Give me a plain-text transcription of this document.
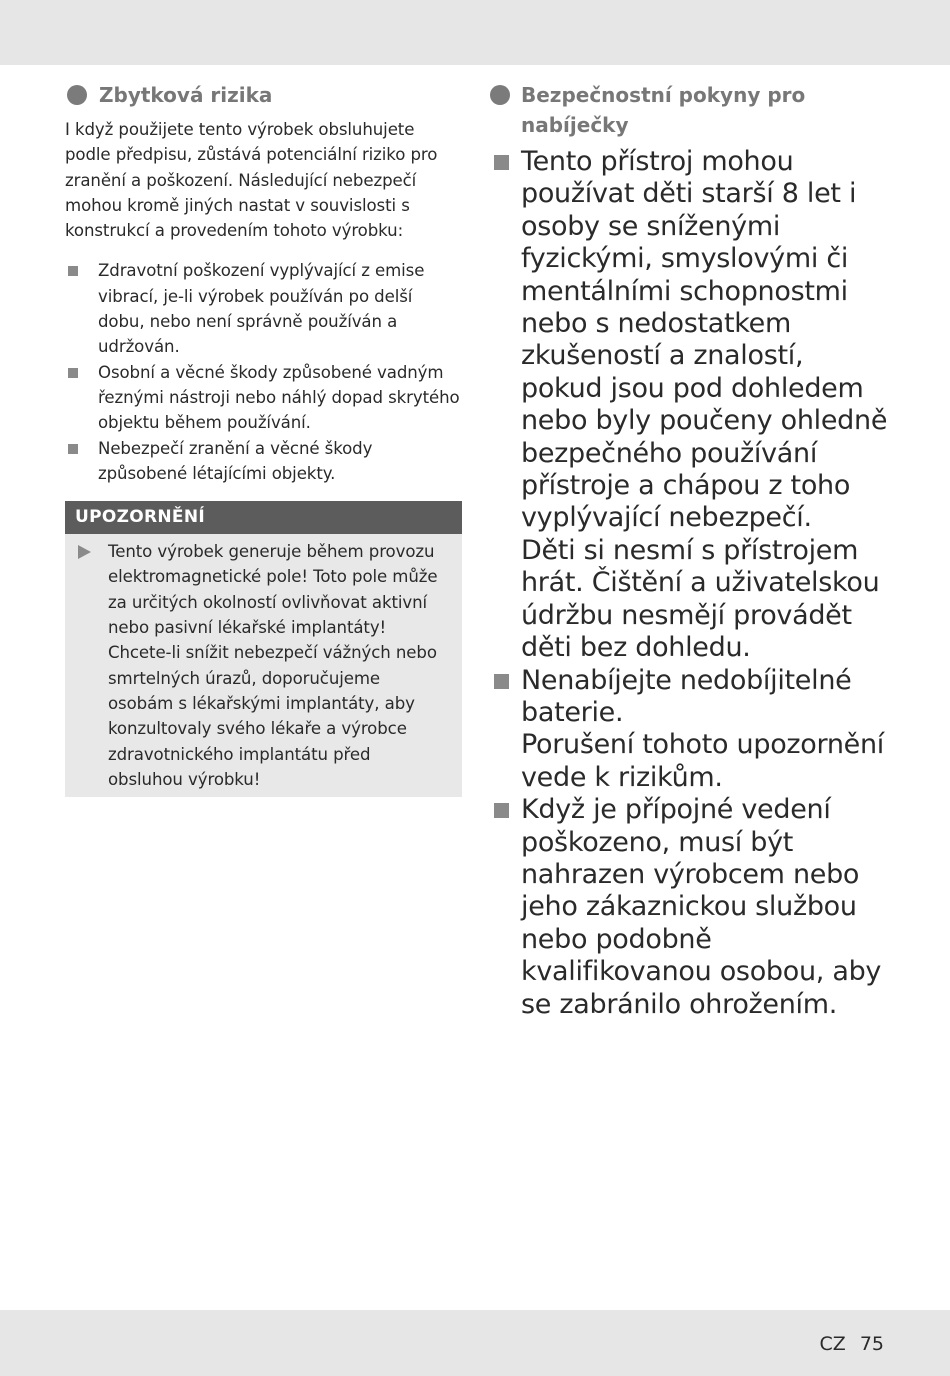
Zbytková rizika

I když použijete tento výrobek obsluhujete podle předpisu, zůstává potenciální riziko pro zranění a poškození. Následující nebezpečí mohou kromě jiných nastat v souvislosti s konstrukcí a provedením tohoto výrobku:

Zdravotní poškození vyplývající z emise vibrací, je-li výrobek používán po delší dobu, nebo není správně používán a udržován.
Osobní a věcné škody způsobené vadným řeznými nástroji nebo náhlý dopad skrytého objektu během používání.
Nebezpečí zranění a věcné škody způsobené létajícími objekty.
UPOZORNĚNÍ
Tento výrobek generuje během provozu elektromagnetické pole! Toto pole může za určitých okolností ovlivňovat aktivní nebo pasivní lékařské implantáty! Chcete-li snížit nebezpečí vážných nebo smrtelných úrazů, doporučujeme osobám s lékařskými implantáty, aby konzultovaly svého lékaře a výrobce zdravotnického implantátu před obsluhou výrobku!
Bezpečnostní pokyny pro nabíječky

Tento přístroj mohou používat děti starší 8 let i osoby se sníženými fyzickými, smyslovými či mentálními schopnostmi nebo s nedostatkem zkušeností a znalostí, pokud jsou pod dohledem nebo byly poučeny ohledně bezpečného používání přístroje a chápou z toho vyplývající nebezpečí.

Děti si nesmí s přístrojem hrát. Čištění a uživatelskou údržbu nesmějí provádět děti bez dohledu.

Nenabíjejte nedobíjitelné baterie.

Porušení tohoto upozornění vede k rizikům.

Když je přípojné vedení poškozeno, musí být nahrazen výrobcem nebo jeho zákaznickou službou nebo podobně kvalifikovanou osobou, aby se zabránilo ohrožením.

CZ 75
